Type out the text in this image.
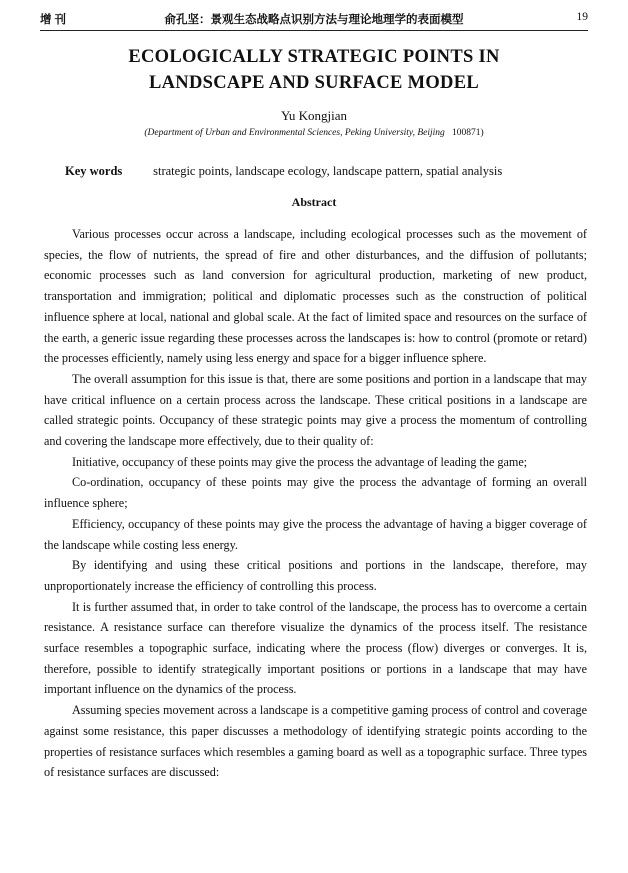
增刊	俞孔坚：景观生态战略点识别方法与理论地理学的表面模型	19
ECOLOGICALLY STRATEGIC POINTS IN
LANDSCAPE AND SURFACE MODEL
Yu Kongjian
(Department of Urban and Environmental Sciences, Peking University, Beijing 100871)
Key words strategic points, landscape ecology, landscape pattern, spatial analysis
Abstract

Various processes occur across a landscape, including ecological processes such as the movement of species, the flow of nutrients, the spread of fire and other disturbances, and the diffusion of pollutants; economic processes such as land conversion for agricultural production, marketing of new product, transportation and immigration; political and diplomatic processes such as the construction of political influence sphere at local, national and global scale. At the fact of limited space and resources on the surface of the earth, a generic issue regarding these processes across the landscapes is: how to control (promote or retard) the processes efficiently, namely using less energy and space for a bigger influence sphere.

The overall assumption for this issue is that, there are some positions and portion in a landscape that may have critical influence on a certain process across the landscape. These critical positions in a landscape are called strategic points. Occupancy of these strategic points may give a process the momentum of controlling and covering the landscape more effectively, due to their quality of:

Initiative, occupancy of these points may give the process the advantage of leading the game;

Co-ordination, occupancy of these points may give the process the advantage of forming an overall influence sphere;

Efficiency, occupancy of these points may give the process the advantage of having a bigger coverage of the landscape while costing less energy.

By identifying and using these critical positions and portions in the landscape, therefore, may unproportionately increase the efficiency of controlling this process.

It is further assumed that, in order to take control of the landscape, the process has to overcome a certain resistance. A resistance surface can therefore visualize the dynamics of the process itself. The resistance surface resembles a topographic surface, indicating where the process (flow) diverges or converges. It is, therefore, possible to identify strategically important positions or portions in a landscape that may have important influence on the dynamics of the process.

Assuming species movement across a landscape is a competitive gaming process of control and coverage against some resistance, this paper discusses a methodology of identifying strategic points according to the properties of resistance surfaces which resembles a gaming board as well as a topographic surface. Three types of resistance surfaces are discussed:
